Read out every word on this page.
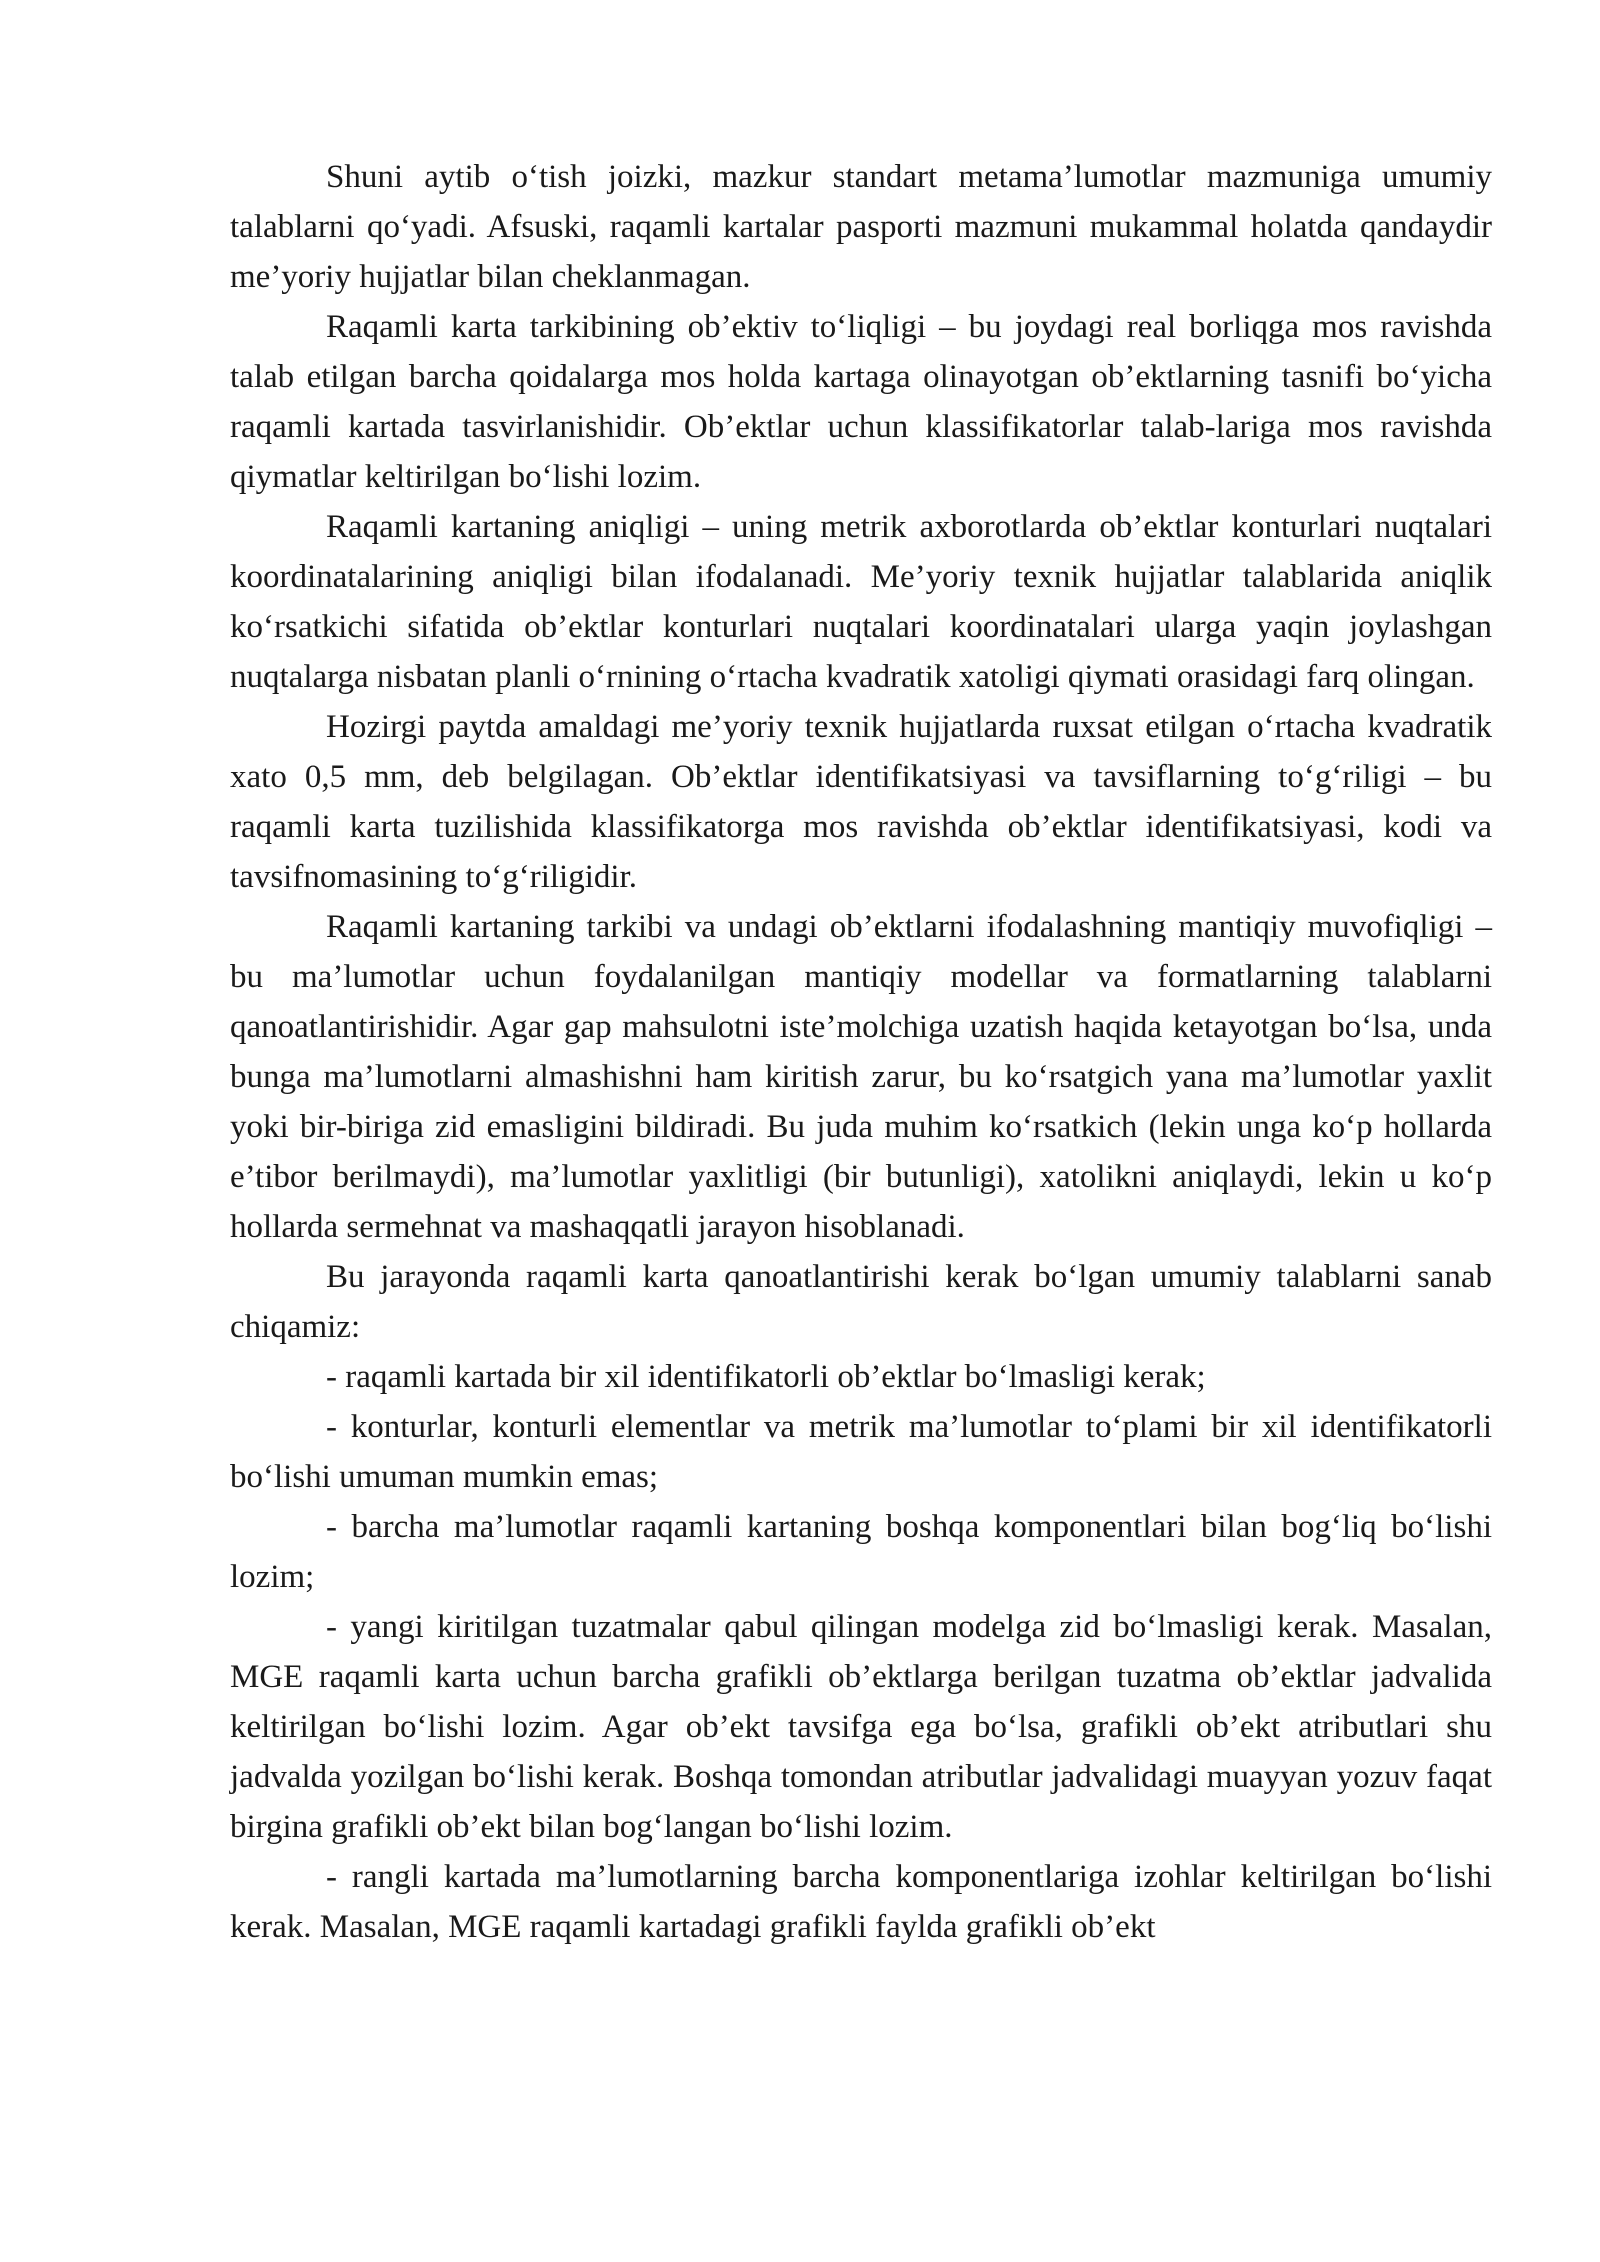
Shuni aytib o‘tish joizki, mazkur standart metama’lumotlar mazmuniga umumiy talablarni qo‘yadi. Afsuski, raqamli kartalar pasporti mazmuni mukammal holatda qandaydir me’yoriy hujjatlar bilan cheklanmagan.

Raqamli karta tarkibining ob’ektiv to‘liqligi – bu joydagi real borliqga mos ravishda talab etilgan barcha qoidalarga mos holda kartaga olinayotgan ob’ektlarning tasnifi bo‘yicha raqamli kartada tasvirlanishidir. Ob’ektlar uchun klassifikatorlar talab-lariga mos ravishda qiymatlar keltirilgan bo‘lishi lozim.

Raqamli kartaning aniqligi – uning metrik axborotlarda ob’ektlar konturlari nuqtalari koordinatalarining aniqligi bilan ifodalanadi. Me’yoriy texnik hujjatlar talablarida aniqlik ko‘rsatkichi sifatida ob’ektlar konturlari nuqtalari koordinatalari ularga yaqin joylashgan nuqtalarga nisbatan planli o‘rnining o‘rtacha kvadratik xatoligi qiymati orasidagi farq olingan.

Hozirgi paytda amaldagi me’yoriy texnik hujjatlarda ruxsat etilgan o‘rtacha kvadratik xato 0,5 mm, deb belgilagan. Ob’ektlar identifikatsiyasi va tavsiflarning to‘g‘riligi – bu raqamli karta tuzilishida klassifikatorga mos ravishda ob’ektlar identifikatsiyasi, kodi va tavsifnomasining to‘g‘riligidir.

Raqamli kartaning tarkibi va undagi ob’ektlarni ifodalashning mantiqiy muvofiqligi – bu ma’lumotlar uchun foydalanilgan mantiqiy modellar va formatlarning talablarni qanoatlantirishidir. Agar gap mahsulotni iste’molchiga uzatish haqida ketayotgan bo‘lsa, unda bunga ma’lumotlarni almashishni ham kiritish zarur, bu ko‘rsatgich yana ma’lumotlar yaxlit yoki bir-biriga zid emasligini bildiradi. Bu juda muhim ko‘rsatkich (lekin unga ko‘p hollarda e’tibor berilmaydi), ma’lumotlar yaxlitligi (bir butunligi), xatolikni aniqlaydi, lekin u ko‘p hollarda sermehnat va mashaqqatli jarayon hisoblanadi.

Bu jarayonda raqamli karta qanoatlantirishi kerak bo‘lgan umumiy talablarni sanab chiqamiz:

- raqamli kartada bir xil identifikatorli ob’ektlar bo‘lmasligi kerak;

- konturlar, konturli elementlar va metrik ma’lumotlar to‘plami bir xil identifikatorli bo‘lishi umuman mumkin emas;

- barcha ma’lumotlar raqamli kartaning boshqa komponentlari bilan bog‘liq bo‘lishi lozim;

- yangi kiritilgan tuzatmalar qabul qilingan modelga zid bo‘lmasligi kerak. Masalan, MGE raqamli karta uchun barcha grafikli ob’ektlarga berilgan tuzatma ob’ektlar jadvalida keltirilgan bo‘lishi lozim. Agar ob’ekt tavsifga ega bo‘lsa, grafikli ob’ekt atributlari shu jadvalda yozilgan bo‘lishi kerak. Boshqa tomondan atributlar jadvalidagi muayyan yozuv faqat birgina grafikli ob’ekt bilan bog‘langan bo‘lishi lozim.

- rangli kartada ma’lumotlarning barcha komponentlariga izohlar keltirilgan bo‘lishi kerak. Masalan, MGE raqamli kartadagi grafikli faylda grafikli ob’ekt
